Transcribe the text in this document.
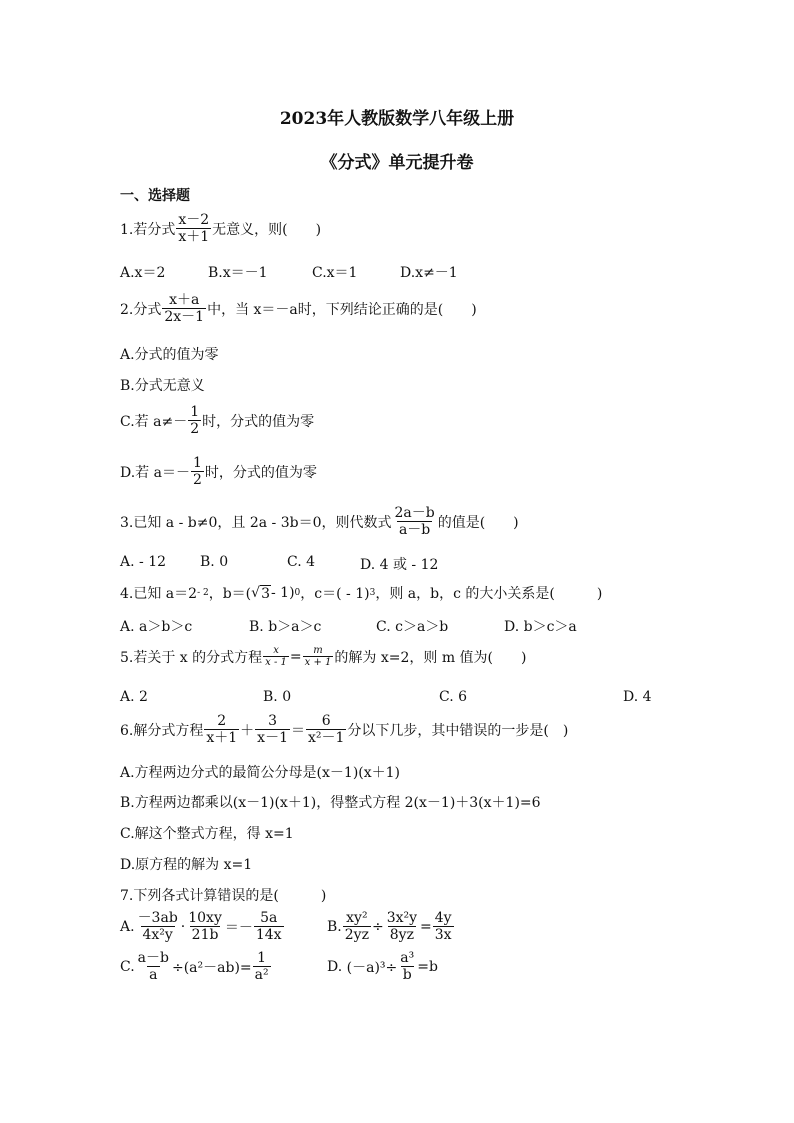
2023年人教版数学八年级上册
《分式》单元提升卷
一、选择题
1.若分式 $\frac{x-2}{x+1}$ 无意义，则(　　)
A.x＝2	B.x＝－1	C.x＝1	D.x≠－1
2.分式 $\frac{x+a}{2x-1}$ 中，当 x＝－a时，下列结论正确的是(　　)
A.分式的值为零
B.分式无意义
C.若 $a\ne- \frac{1}{2}$ 时，分式的值为零
D.若 $a=- \frac{1}{2}$ 时，分式的值为零
3.已知 a - b≠0，且 2a - 3b＝0，则代数式 $\frac{2a-b}{a-b}$ 的值是(　　)
A. - 12 B. 0	C. 4	D. 4 或 - 12
4.已知 a＝2 - 2 ，b＝( √ 3 - 1) 0 ，c＝( - 1) 3 ，则 a，b，c 的大小关系是(　　　)
A. a＞b＞c	B. b＞a＞c	C. c＞a＞b	D. b＞c＞a
5.若关于 x 的分式方程 $\frac{x}{x - 1} = \frac{m}{x + 1}$ 的解为 x=2，则 m 值为(　　)
A. 2	B. 0	C. 6	D. 4
6.解分式方程 $\frac{2}{x+1} + \frac{3}{x-1} = \frac{6}{\text{x²－1}}$ 分以下几步，其中错误的一步是(　)
A.方程两边分式的最简公分母是(x－1)(x＋1)
B.方程两边都乘以(x－1)(x＋1)，得整式方程 2(x－1)＋3(x＋1)=6
C.解这个整式方程，得 x=1
D.原方程的解为 x=1
7.下列各式计算错误的是(　　　)
A. $\frac{-3ab}{\text{4x²y}} \cdot \frac{10xy}{21b} =- \frac{5a}{14x}$	B. $\frac{\text{xy²}}{2yz} \div \frac{\text{3x²y}}{8yz} = \frac{4y}{3x}$
C. $\frac{a-b}{a} \div(a^2-ab)= \frac{1}{\text{a²}}$	D.
$(-a)^3\div \frac{\text{a³}}{b} =b$
